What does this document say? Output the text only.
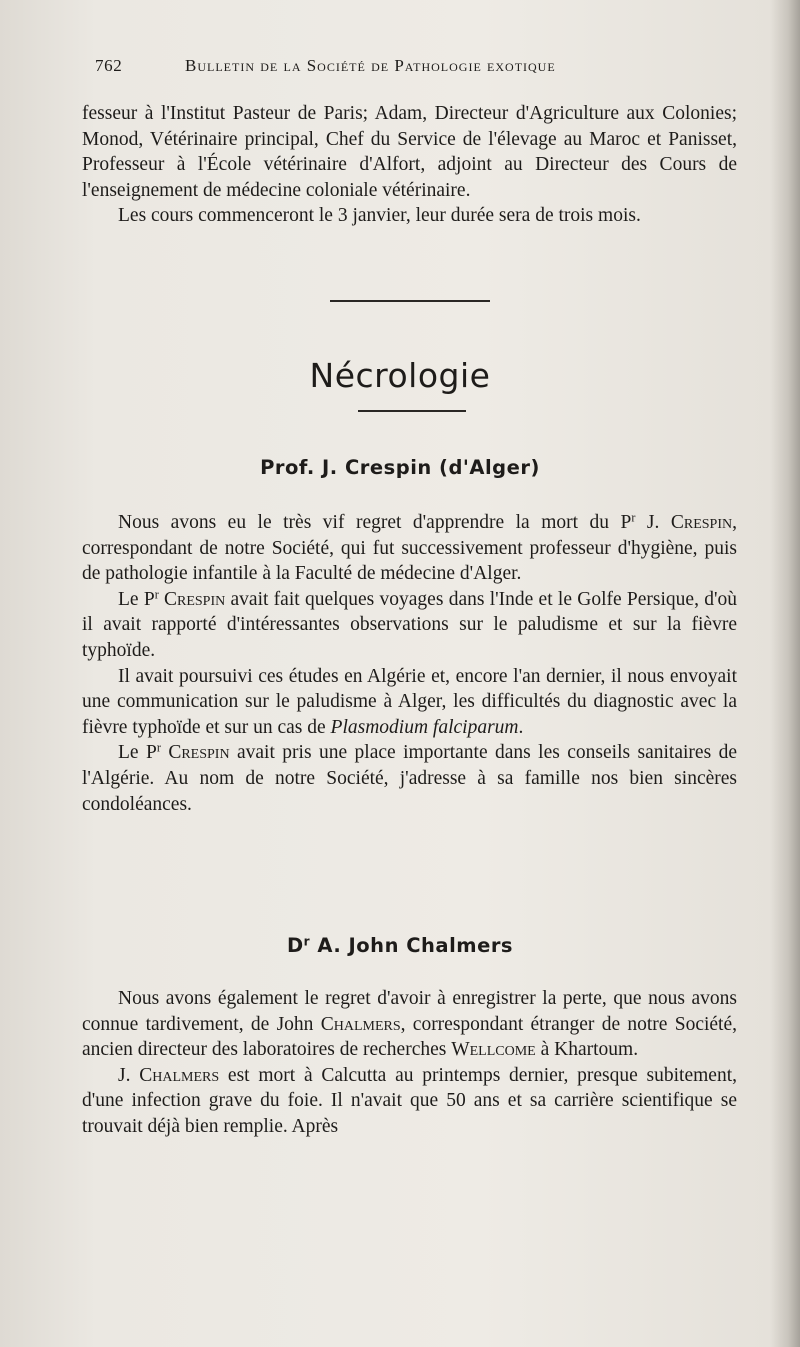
762	Bulletin de la Société de Pathologie exotique

fesseur à l'Institut Pasteur de Paris; Adam, Directeur d'Agriculture aux Colonies; Monod, Vétérinaire principal, Chef du Service de l'élevage au Maroc et Panisset, Professeur à l'École vétérinaire d'Alfort, adjoint au Directeur des Cours de l'enseignement de médecine coloniale vétérinaire.

Les cours commenceront le 3 janvier, leur durée sera de trois mois.

Nécrologie
Prof. J. Crespin (d'Alger)

Nous avons eu le très vif regret d'apprendre la mort du $P^r$ J. Crespin, correspondant de notre Société, qui fut successivement professeur d'hygiène, puis de pathologie infantile à la Faculté de médecine d'Alger.

Le $P^r$ Crespin avait fait quelques voyages dans l'Inde et le Golfe Persique, d'où il avait rapporté d'intéressantes observations sur le paludisme et sur la fièvre typhoïde.

Il avait poursuivi ces études en Algérie et, encore l'an dernier, il nous envoyait une communication sur le paludisme à Alger, les difficultés du diagnostic avec la fièvre typhoïde et sur un cas de Plasmodium falciparum.

Le $P^r$ Crespin avait pris une place importante dans les conseils sanitaires de l'Algérie. Au nom de notre Société, j'adresse à sa famille nos bien sincères condoléances.

$D^r$ A. John Chalmers

Nous avons également le regret d'avoir à enregistrer la perte, que nous avons connue tardivement, de John Chalmers, correspondant étranger de notre Société, ancien directeur des laboratoires de recherches Wellcome à Khartoum.

J. Chalmers est mort à Calcutta au printemps dernier, presque subitement, d'une infection grave du foie. Il n'avait que 50 ans et sa carrière scientifique se trouvait déjà bien remplie. Après
